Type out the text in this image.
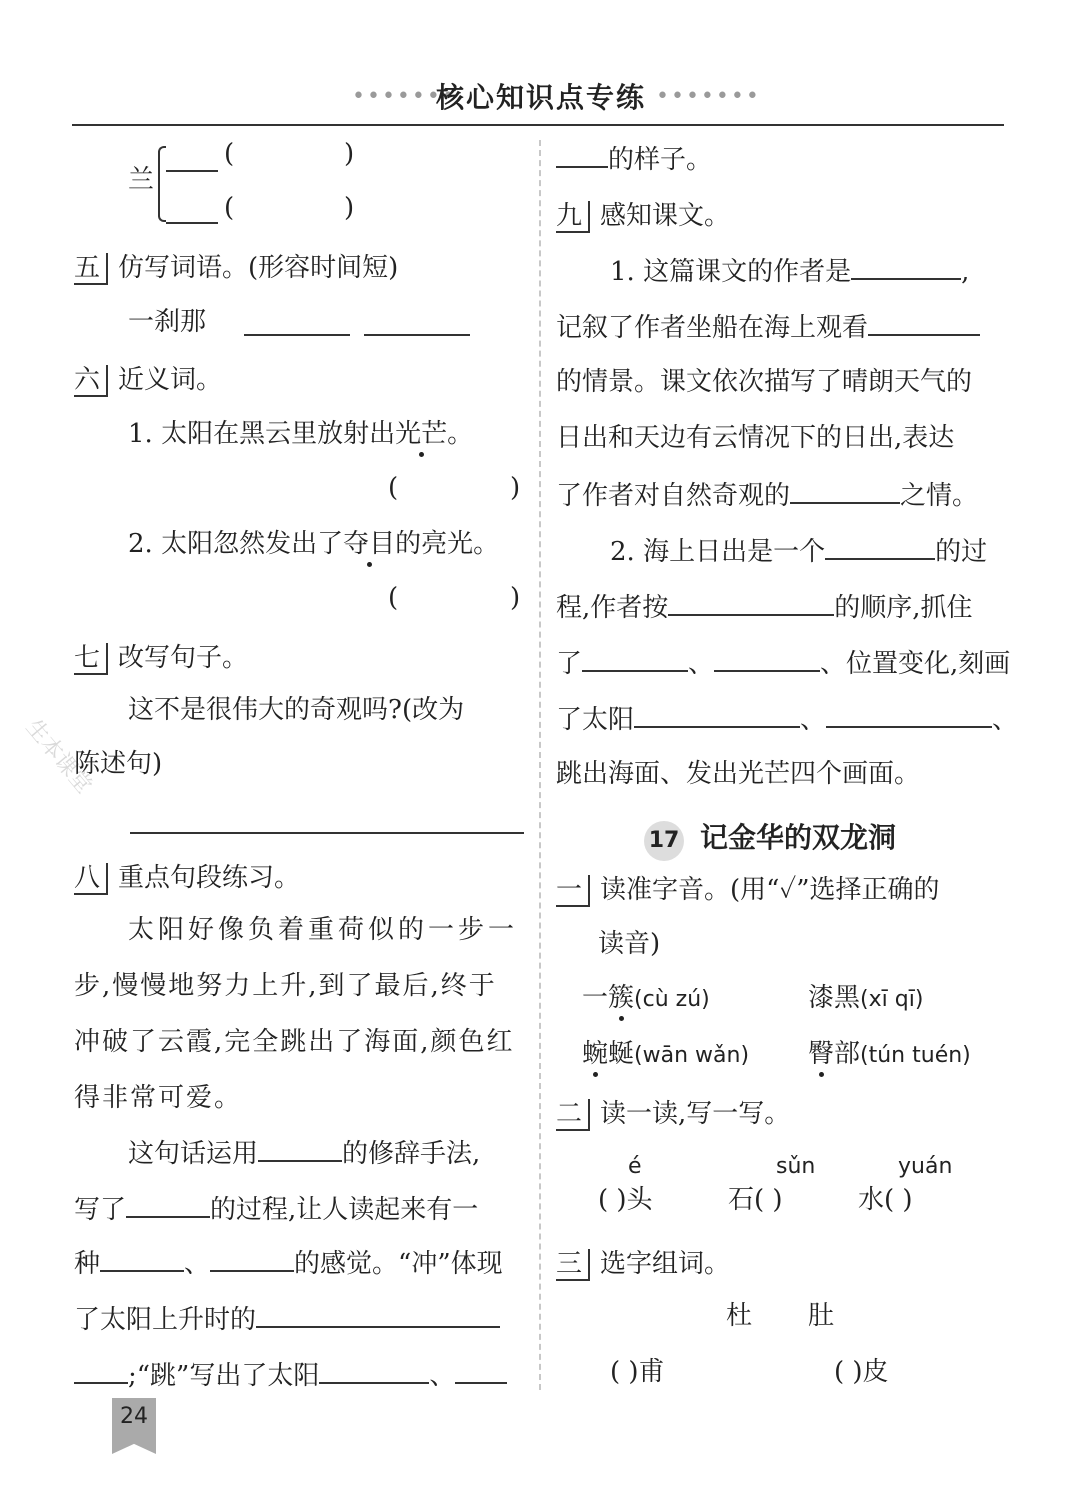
•••••••
核心知识点专练 •••••••
生本课堂
兰
(	)
(	)
五 仿写词语。(形容时间短)
一刹那
六 近义词。
1. 太阳在黑云里放射出光芒。
(	)
2. 太阳忽然发出了夺目的亮光。
(	)
七 改写句子。
这不是很伟大的奇观吗?(改为
陈述句)
八 重点句段练习。
太阳好像负着重荷似的一步一
步,慢慢地努力上升,到了最后,终于
冲破了云霞,完全跳出了海面,颜色红
得非常可爱。
这句话运用	的修辞手法,
写了	的过程,让人读起来有一
种	、	的感觉。“冲”体现
了太阳上升时的
;“跳”写出了太阳	、
24
的样子。
九 感知课文。
1. 这篇课文的作者是	,
记叙了作者坐船在海上观看
的情景。课文依次描写了晴朗天气的
日出和天边有云情况下的日出,表达
了作者对自然奇观的	之情。
2. 海上日出是一个	的过
程,作者按	的顺序,抓住
了	、	、位置变化,刻画
了太阳	、	、
跳出海面、发出光芒四个画面。
17 记金华的双龙洞
一 读准字音。(用“✓”选择正确的
读音)
一簇(cù zú)	漆黑(xī qī)
蜿蜒(wān wǎn) 臀部(tún tuén)
二 读一读,写一写。
é	sǔn	yuán
( )头	石( )	水( )
三 选字组词。
杜 肚
( )甫	( )皮
